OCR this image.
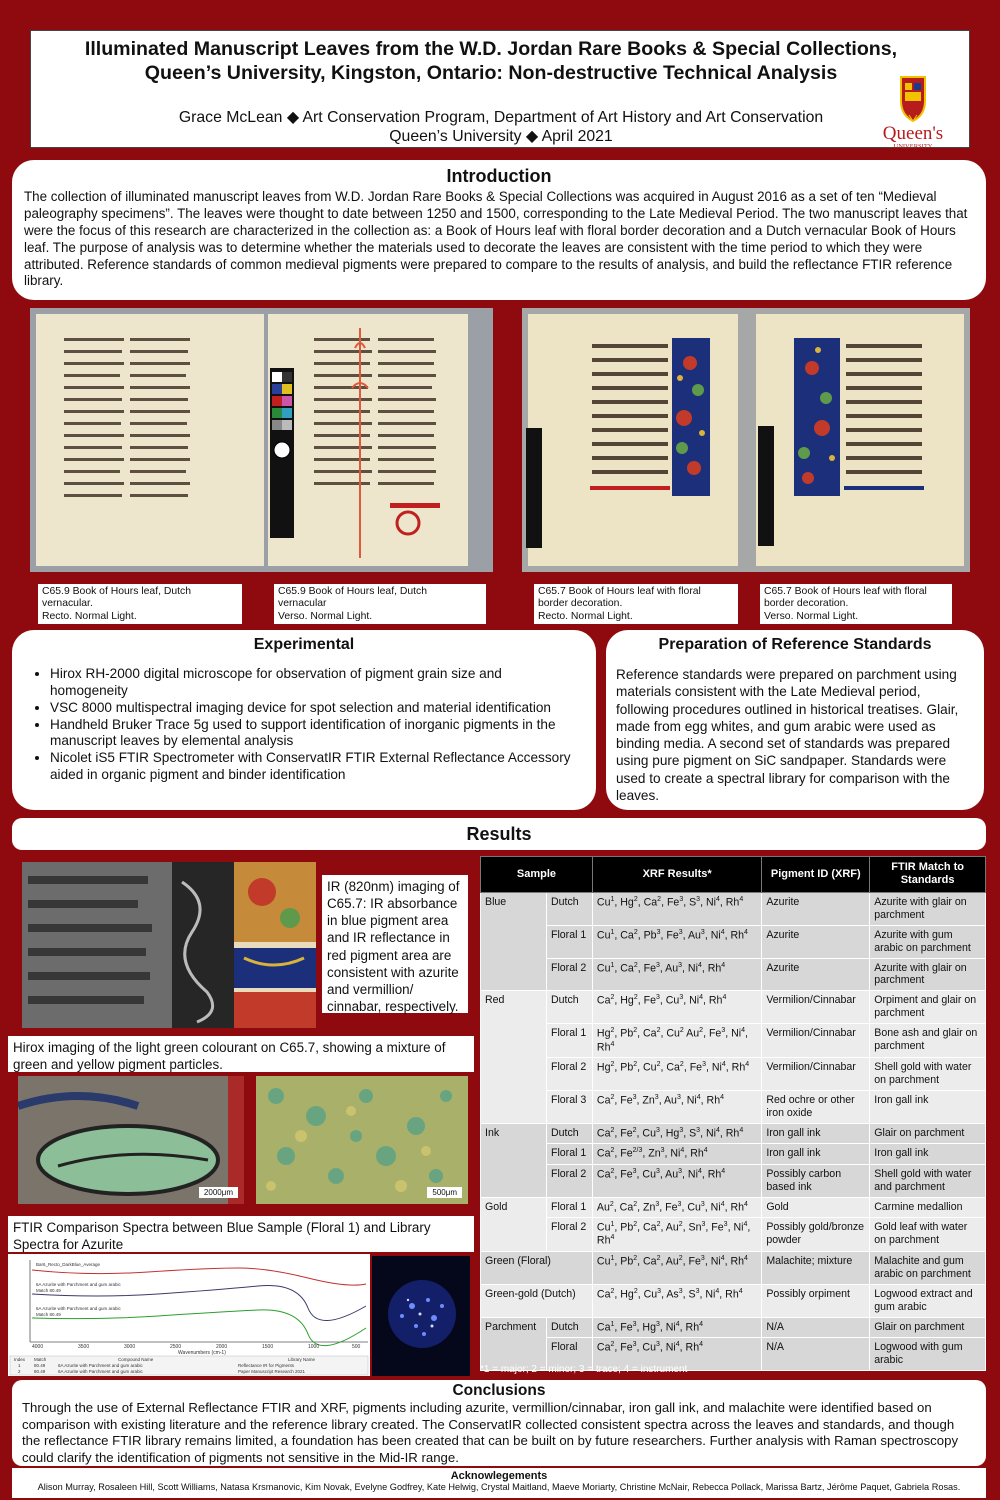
Illuminated Manuscript Leaves from the W.D. Jordan Rare Books & Special Collections,
Queen’s University, Kingston, Ontario: Non-destructive Technical Analysis
Grace McLean ◆ Art Conservation Program, Department of Art History and Art Conservation
Queen’s University ◆ April 2021	Queen's
UNIVERSITY
Introduction

The collection of illuminated manuscript leaves from W.D. Jordan Rare Books & Special Collections was acquired in August 2016 as a set of ten “Medieval paleography specimens”. The leaves were thought to date between 1250 and 1500, corresponding to the Late Medieval Period. The two manuscript leaves that were the focus of this research are characterized in the collection as: a Book of Hours leaf with floral border decoration and a Dutch vernacular Book of Hours leaf. The purpose of analysis was to determine whether the materials used to decorate the leaves are consistent with the time period to which they were attributed. Reference standards of common medieval pigments were prepared to compare to the results of analysis, and build the reflectance FTIR reference library.

C65.9 Book of Hours leaf, Dutch
vernacular.
Recto. Normal Light.
C65.9 Book of Hours leaf, Dutch
vernacular
Verso. Normal Light.
C65.7 Book of Hours leaf with floral
border decoration.
Recto. Normal Light.
C65.7 Book of Hours leaf with floral
border decoration.
Verso. Normal Light.
Experimental
• Hirox RH-2000 digital microscope for observation of pigment grain size and homogeneity
• VSC 8000 multispectral imaging device for spot selection and material identification
• Handheld Bruker Trace 5g used to support identification of inorganic pigments in the manuscript leaves by elemental analysis
• Nicolet iS5 FTIR Spectrometer with ConservatIR FTIR External Reflectance Accessory aided in organic pigment and binder identification
Preparation of Reference Standards

Reference standards were prepared on parchment using materials consistent with the Late Medieval period, following procedures outlined in historical treatises. Glair, made from egg whites, and gum arabic were used as binding media. A second set of standards was prepared using pure pigment on SiC sandpaper. Standards were used to create a spectral library for comparison with the leaves.

Results
IR (820nm) imaging of C65.7: IR absorbance in blue pigment area and IR reflectance in red pigment area are consistent with azurite and vermillion/ cinnabar, respectively.
Hirox imaging of the light green colourant on C65.7, showing a mixture of green and yellow pigment particles.
2000μm	500μm
FTIR Comparison Spectra between Blue Sample (Floral 1) and Library Spectra for Azurite
Bar6_Recto_DarkBlue_Average
6A Azurite with Parchment and gum arabic
Match 80.49
6A Azurite with Parchment and gum arabic
Match 80.49
4000	3500	3000	2500	2000	1500	1000	500
Wavenumbers (cm-1)
Index Match	Compound Name	Library Name
1	80.49	6A Azurite with Parchment and gum arabic	Reflectance IR for Pigments
2	80.49	6A Azurite with Parchment and gum arabic	Paper Manuscript Research 2021
Sample		XRF Results*	Pigment ID (XRF)	FTIR Match to Standards
Blue	Dutch	Cu$^1$, Hg$^2$, Ca$^2$, Fe$^3$, $S^3$, Ni$^4$, Rh$^4$	Azurite	Azurite with glair on parchment
	Floral 1	Cu$^1$, Ca$^2$, Pb$^3$, Fe$^3$, Au$^3$, Ni$^4$, Rh$^4$	Azurite	Azurite with gum arabic on parchment
	Floral 2	Cu$^1$, Ca$^2$, Fe$^3$, Au$^3$, Ni$^4$, Rh$^4$	Azurite	Azurite with glair on parchment
Red	Dutch	Ca$^2$, Hg$^2$, Fe$^3$, Cu$^3$, Ni$^4$, Rh$^4$	Vermilion/Cinnabar	Orpiment and glair on parchment
	Floral 1	Hg$^2$, Pb$^2$, Ca$^2$, Cu$^2$ Au$^2$, Fe$^3$, Ni$^4$, Rh$^4$	Vermilion/Cinnabar	Bone ash and glair on parchment
	Floral 2	Hg$^2$, Pb$^2$, Cu$^2$, Ca$^2$, Fe$^3$, Ni$^4$, Rh$^4$	Vermilion/Cinnabar	Shell gold with water on parchment
	Floral 3	Ca$^2$, Fe$^3$, Zn$^3$, Au$^3$, Ni$^4$, Rh$^4$	Red ochre or other iron oxide	Iron gall ink
Ink	Dutch	Ca$^2$, Fe$^2$, Cu$^3$, Hg$^3$, $S^3$, Ni$^4$, Rh$^4$	Iron gall ink	Glair on parchment
	Floral 1	Ca$^2$, $Fe^{2/3}$, Zn$^3$, Ni$^4$, Rh$^4$	Iron gall ink	Iron gall ink
	Floral 2	Ca$^2$, Fe$^3$, Cu$^3$, Au$^3$, Ni$^4$, Rh$^4$	Possibly carbon based ink	Shell gold with water and parchment
Gold	Floral 1	Au$^2$, Ca$^2$, Zn$^3$, Fe$^3$, Cu$^3$, Ni$^4$, Rh$^4$	Gold	Carmine medallion
	Floral 2	Cu$^1$, Pb$^2$, Ca$^2$, Au$^2$, Sn$^3$, Fe$^3$, Ni$^4$, Rh$^4$	Possibly gold/bronze powder	Gold leaf with water on parchment
Green (Floral)		Cu$^1$, Pb$^2$, Ca$^2$, Au$^2$, Fe$^3$, Ni$^4$, Rh$^4$	Malachite; mixture	Malachite and gum arabic on parchment
Green-gold (Dutch)		Ca$^2$, Hg$^2$, Cu$^3$, As$^3$, $S^3$, Ni$^4$, Rh$^4$	Possibly orpiment	Logwood extract and gum arabic
Parchment	Dutch	Ca$^1$, Fe$^3$, Hg$^3$, Ni$^4$, Rh$^4$	N/A	Glair on parchment
	Floral	Ca$^2$, Fe$^3$, Cu$^3$, Ni$^4$, Rh$^4$	N/A	Logwood with gum arabic
*1 = major; 2 = minor; 3 = trace; 4 = instrument
Conclusions

Through the use of External Reflectance FTIR and XRF, pigments including azurite, vermillion/cinnabar, iron gall ink, and malachite were identified based on comparison with existing literature and the reference library created. The ConservatIR collected consistent spectra across the leaves and standards, and though the reflectance FTIR library remains limited, a foundation has been created that can be built on by future researchers. Further analysis with Raman spectroscopy could clarify the identification of pigments not sensitive in the Mid-IR range.

Acknowlegements

Alison Murray, Rosaleen Hill, Scott Williams, Natasa Krsmanovic, Kim Novak, Evelyne Godfrey, Kate Helwig, Crystal Maitland, Maeve Moriarty, Christine McNair, Rebecca Pollack, Marissa Bartz, Jérôme Paquet, Gabriela Rosas.
